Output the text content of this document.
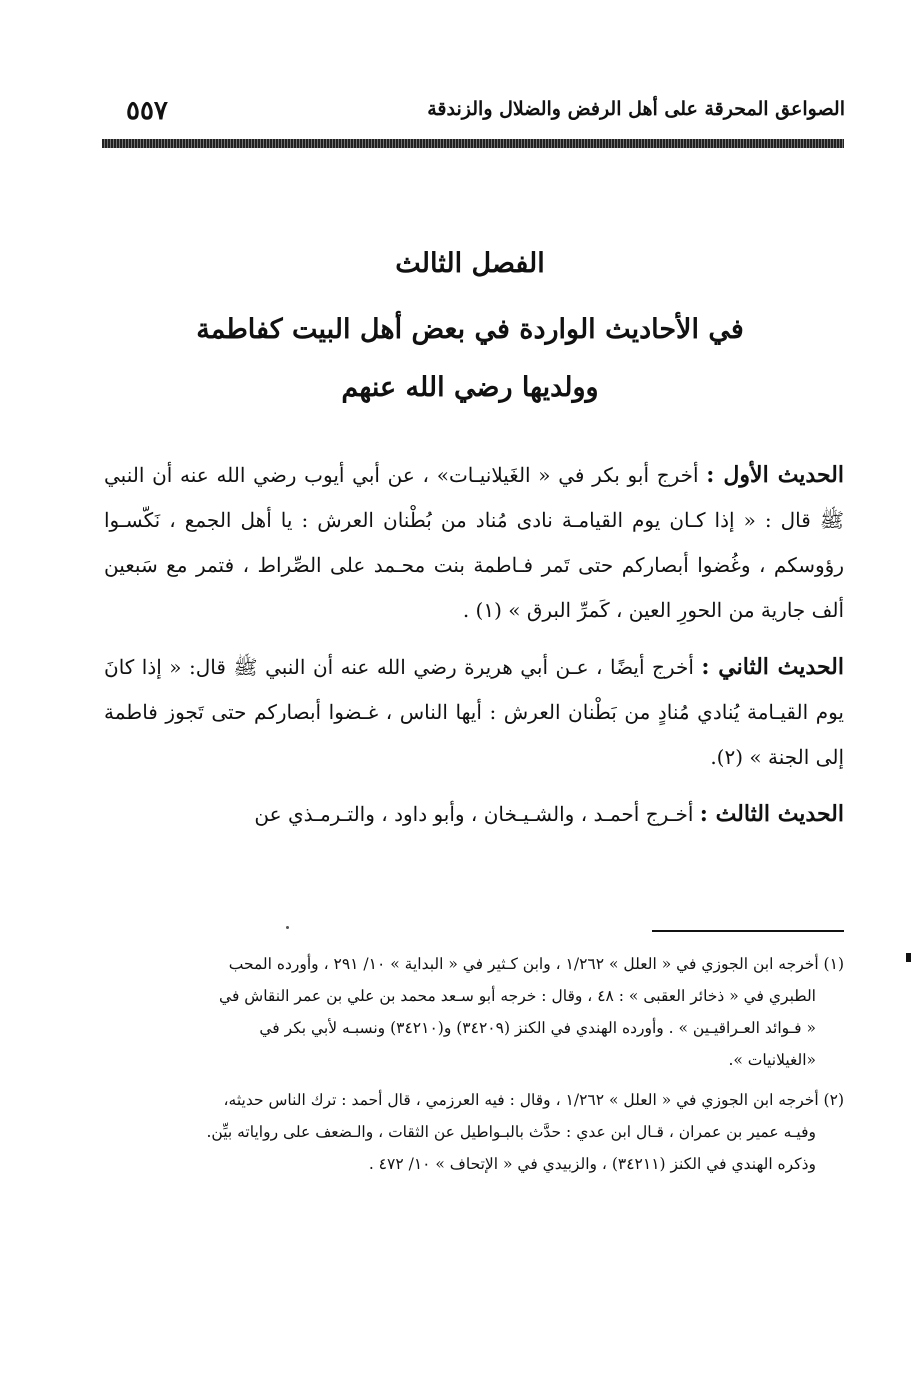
الصواعق المحرقة على أهل الرفض والضلال والزندقة
٥٥٧
الفصل الثالث
في الأحاديث الواردة في بعض أهل البيت كفاطمة
وولديها رضي الله عنهم

الحديث الأول : أخرج أبو بكر في « الغَيلانيـات» ، عن أبي أيوب رضي الله عنه أن النبي ﷺ قال : « إذا كـان يوم القيامـة نادى مُناد من بُطْنان العرش : يا أهل الجمع ، نَكّسـوا رؤوسكم ، وغُضوا أبصاركم حتى تَمر فـاطمة بنت محـمد على الصِّراط ، فتمر مع سَبعين ألف جارية من الحورِ العين ، كَمرِّ البرق » (١) .

الحديث الثاني : أخرج أيضًا ، عـن أبي هريرة رضي الله عنه أن النبي ﷺ قال: « إذا كانَ يوم القيـامة يُنادي مُنادٍ من بَطْنان العرش : أيها الناس ، غـضوا أبصاركم حتى تَجوز فاطمة إلى الجنة » (٢).

الحديث الثالث : أخـرج أحمـد ، والشـيـخان ، وأبو داود ، والتـرمـذي عن

(١) أخرجه ابن الجوزي في « العلل » ١/٢٦٢ ، وابن كـثير في « البداية » ١٠/ ٢٩١ ، وأورده المحب
الطبري في « ذخائر العقبى » : ٤٨ ، وقال : خرجه أبو سـعد محمد بن علي بن عمر النقاش في
« فـوائد العـراقيـين » . وأورده الهندي في الكنز (٣٤٢٠٩) و(٣٤٢١٠) ونسبـه لأبي بكر في
«الغيلانيات ».
(٢) أخرجه ابن الجوزي في « العلل » ١/٢٦٢ ، وقال : فيه العرزمي ، قال أحمد : ترك الناس حديثه،
وفيـه عمير بن عمران ، قـال ابن عدي : حدَّث بالبـواطيل عن الثقات ، والـضعف على رواياته بيِّن.
وذكره الهندي في الكنز (٣٤٢١١) ، والزبيدي في « الإتحاف » ١٠/ ٤٧٢ .
